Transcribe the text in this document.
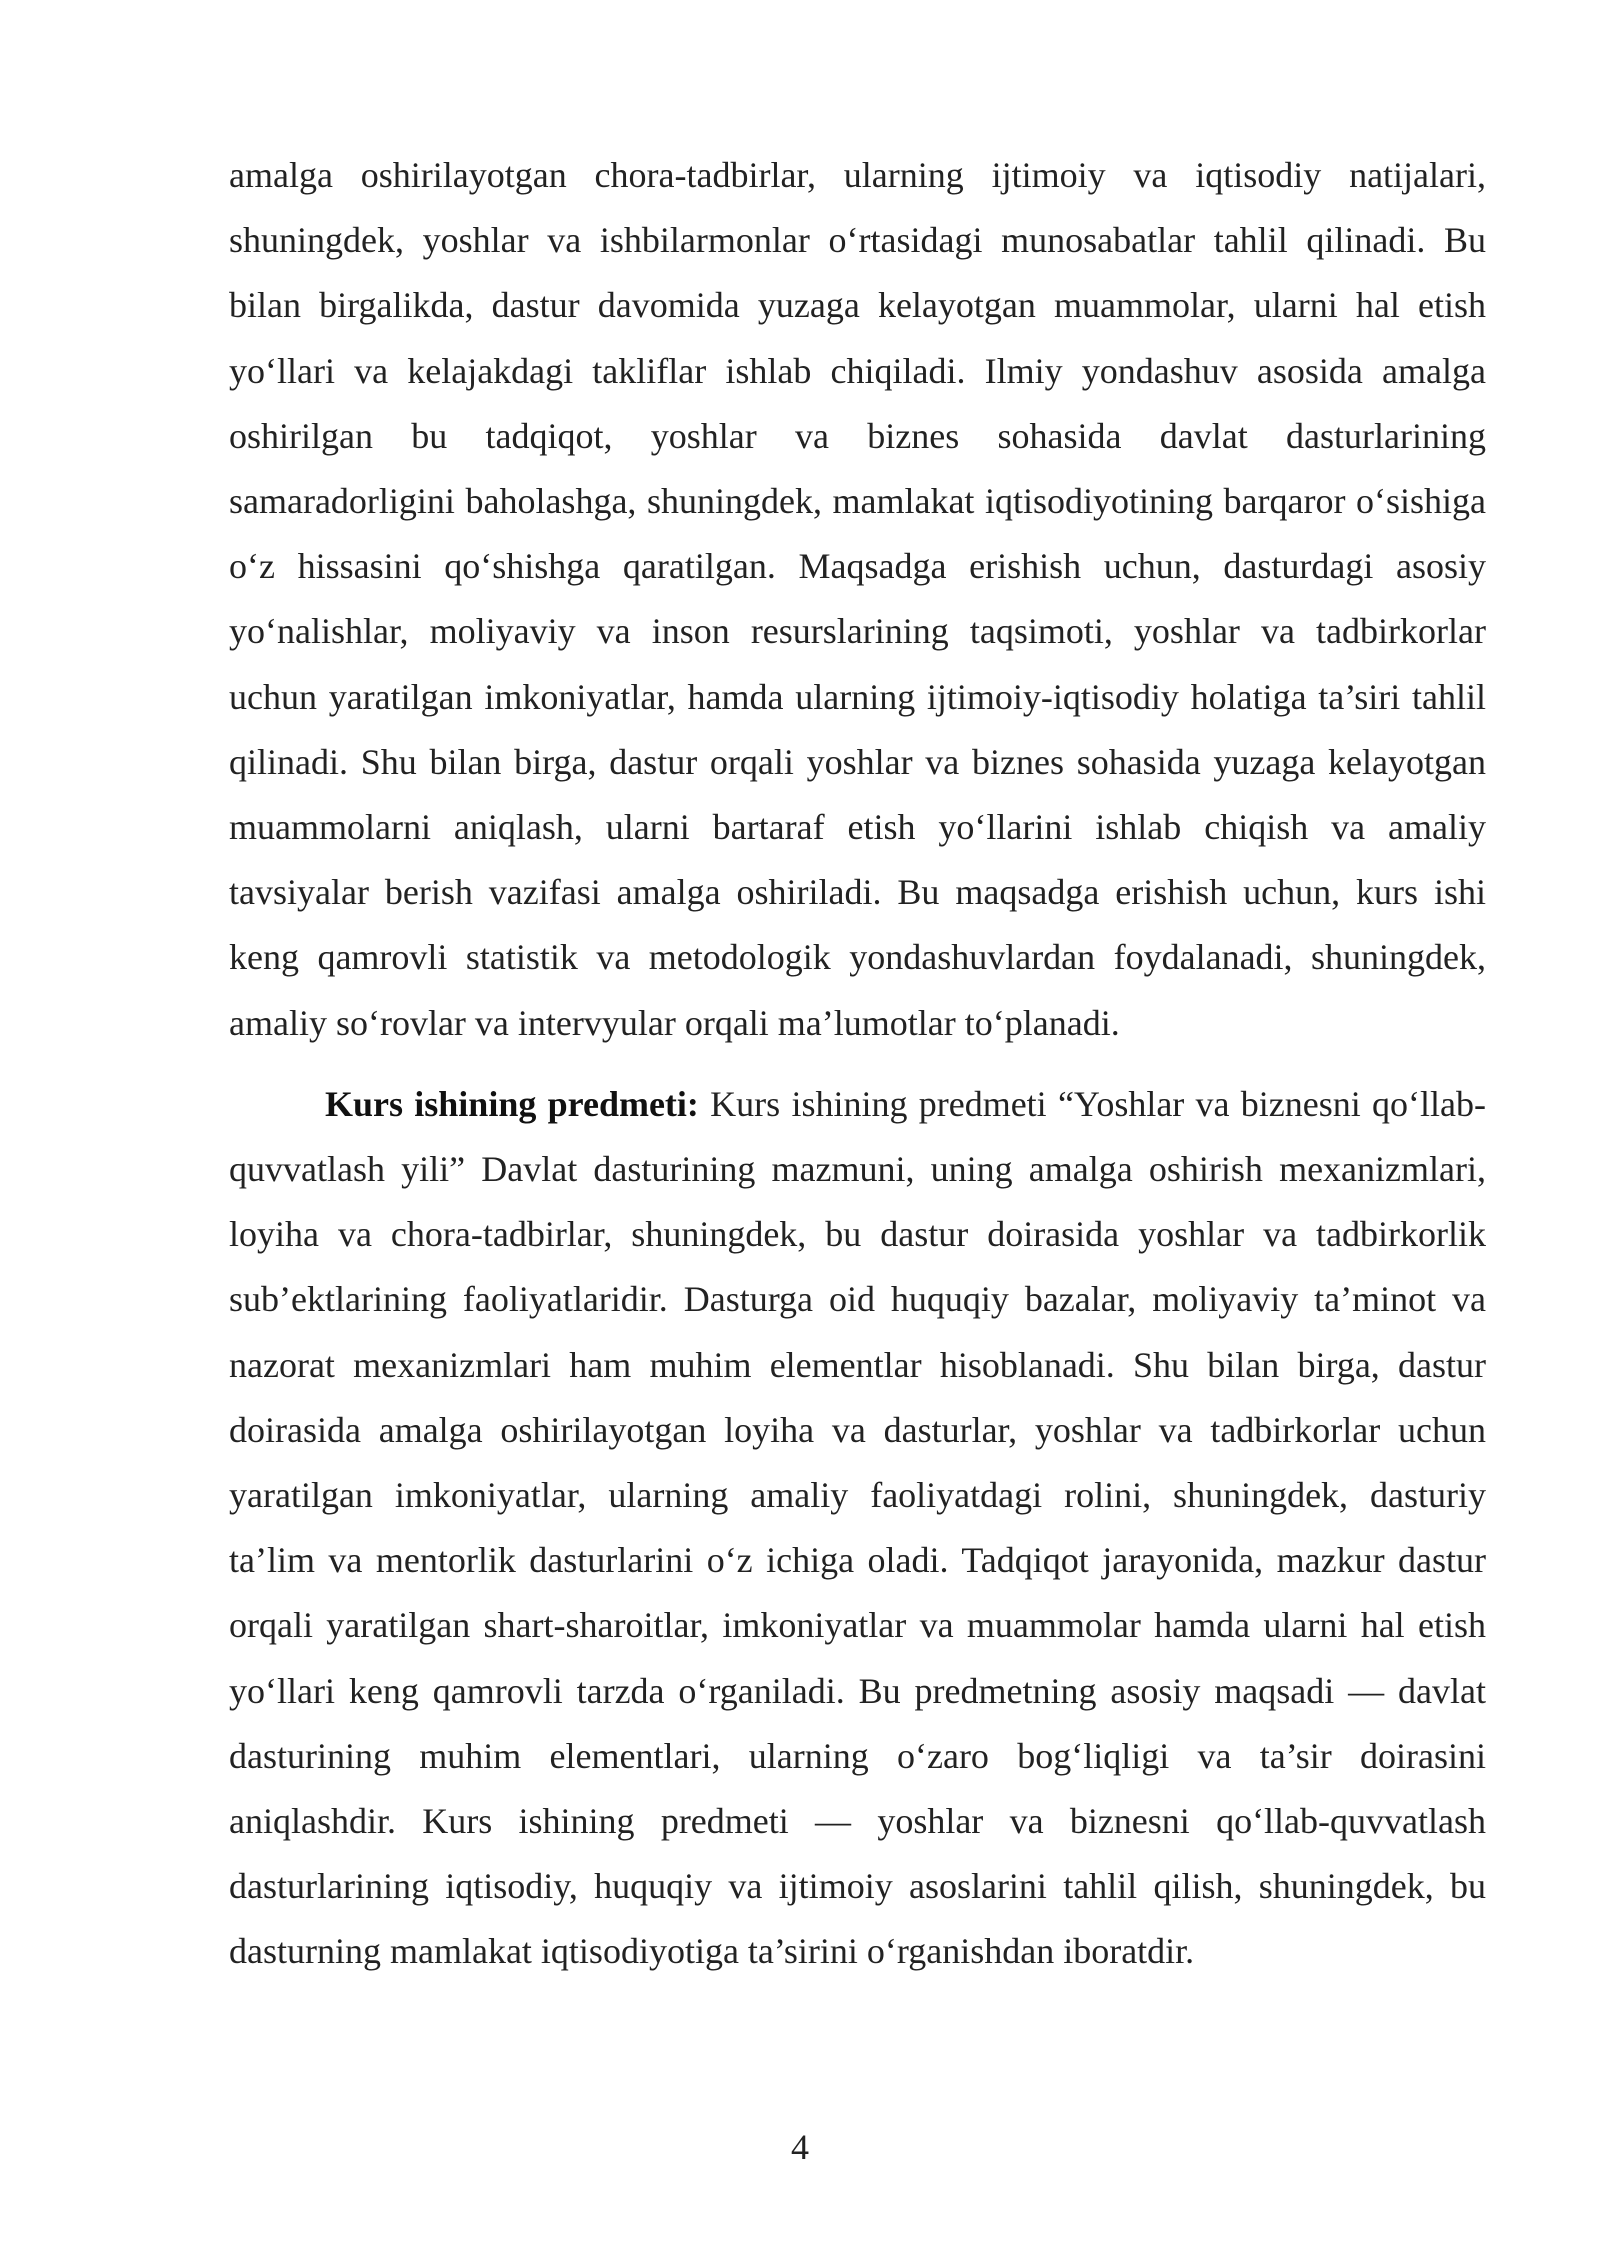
amalga oshirilayotgan chora-tadbirlar, ularning ijtimoiy va iqtisodiy natijalari, shuningdek, yoshlar va ishbilarmonlar o‘rtasidagi munosabatlar tahlil qilinadi. Bu bilan birgalikda, dastur davomida yuzaga kelayotgan muammolar, ularni hal etish yo‘llari va kelajakdagi takliflar ishlab chiqiladi. Ilmiy yondashuv asosida amalga oshirilgan bu tadqiqot, yoshlar va biznes sohasida davlat dasturlarining samaradorligini baholashga, shuningdek, mamlakat iqtisodiyotining barqaror o‘sishiga o‘z hissasini qo‘shishga qaratilgan. Maqsadga erishish uchun, dasturdagi asosiy yo‘nalishlar, moliyaviy va inson resurslarining taqsimoti, yoshlar va tadbirkorlar uchun yaratilgan imkoniyatlar, hamda ularning ijtimoiy-iqtisodiy holatiga ta’siri tahlil qilinadi. Shu bilan birga, dastur orqali yoshlar va biznes sohasida yuzaga kelayotgan muammolarni aniqlash, ularni bartaraf etish yo‘llarini ishlab chiqish va amaliy tavsiyalar berish vazifasi amalga oshiriladi. Bu maqsadga erishish uchun, kurs ishi keng qamrovli statistik va metodologik yondashuvlardan foydalanadi, shuningdek, amaliy so‘rovlar va intervyular orqali ma’lumotlar to‘planadi.

Kurs ishining predmeti: Kurs ishining predmeti “Yoshlar va biznesni qo‘llab-quvvatlash yili” Davlat dasturining mazmuni, uning amalga oshirish mexanizmlari, loyiha va chora-tadbirlar, shuningdek, bu dastur doirasida yoshlar va tadbirkorlik sub’ektlarining faoliyatlaridir. Dasturga oid huquqiy bazalar, moliyaviy ta’minot va nazorat mexanizmlari ham muhim elementlar hisoblanadi. Shu bilan birga, dastur doirasida amalga oshirilayotgan loyiha va dasturlar, yoshlar va tadbirkorlar uchun yaratilgan imkoniyatlar, ularning amaliy faoliyatdagi rolini, shuningdek, dasturiy ta’lim va mentorlik dasturlarini o‘z ichiga oladi. Tadqiqot jarayonida, mazkur dastur orqali yaratilgan shart-sharoitlar, imkoniyatlar va muammolar hamda ularni hal etish yo‘llari keng qamrovli tarzda o‘rganiladi. Bu predmetning asosiy maqsadi — davlat dasturining muhim elementlari, ularning o‘zaro bog‘liqligi va ta’sir doirasini aniqlashdir. Kurs ishining predmeti — yoshlar va biznesni qo‘llab-quvvatlash dasturlarining iqtisodiy, huquqiy va ijtimoiy asoslarini tahlil qilish, shuningdek, bu dasturning mamlakat iqtisodiyotiga ta’sirini o‘rganishdan iboratdir.

4
